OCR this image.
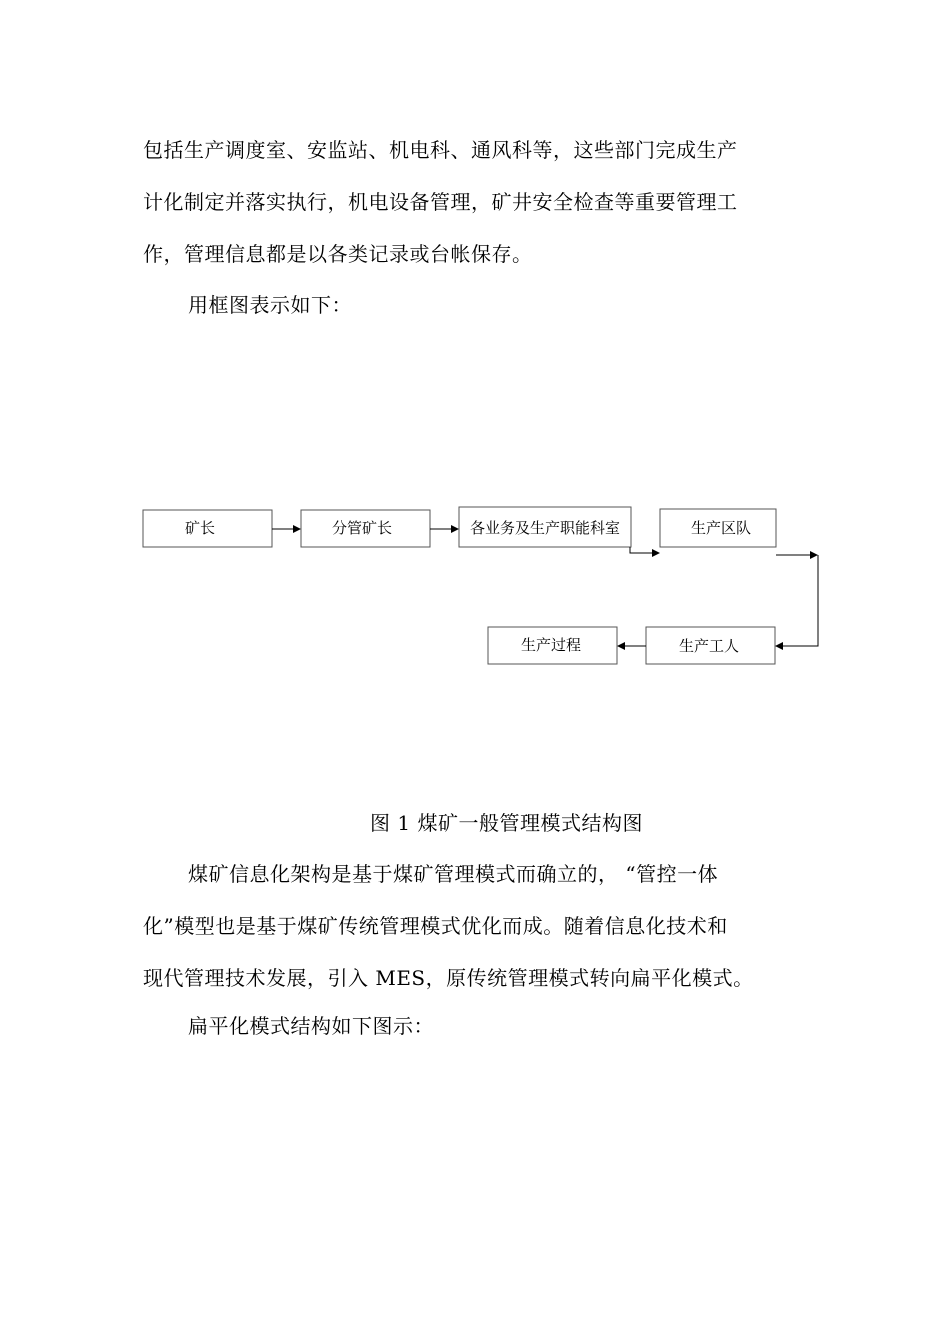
包括生产调度室、安监站、机电科、通风科等，这些部门完成生产
计化制定并落实执行，机电设备管理，矿井安全检查等重要管理工
作，管理信息都是以各类记录或台帐保存。

用框图表示如下：

矿长	分管矿长	各业务及生产职能科室	生产区队
生产工人
生产过程
图 1 煤矿一般管理模式结构图

煤矿信息化架构是基于煤矿管理模式而确立的， “管控一体
化”模型也是基于煤矿传统管理模式优化而成。随着信息化技术和
现代管理技术发展，引入 MES，原传统管理模式转向扁平化模式。

扁平化模式结构如下图示：
